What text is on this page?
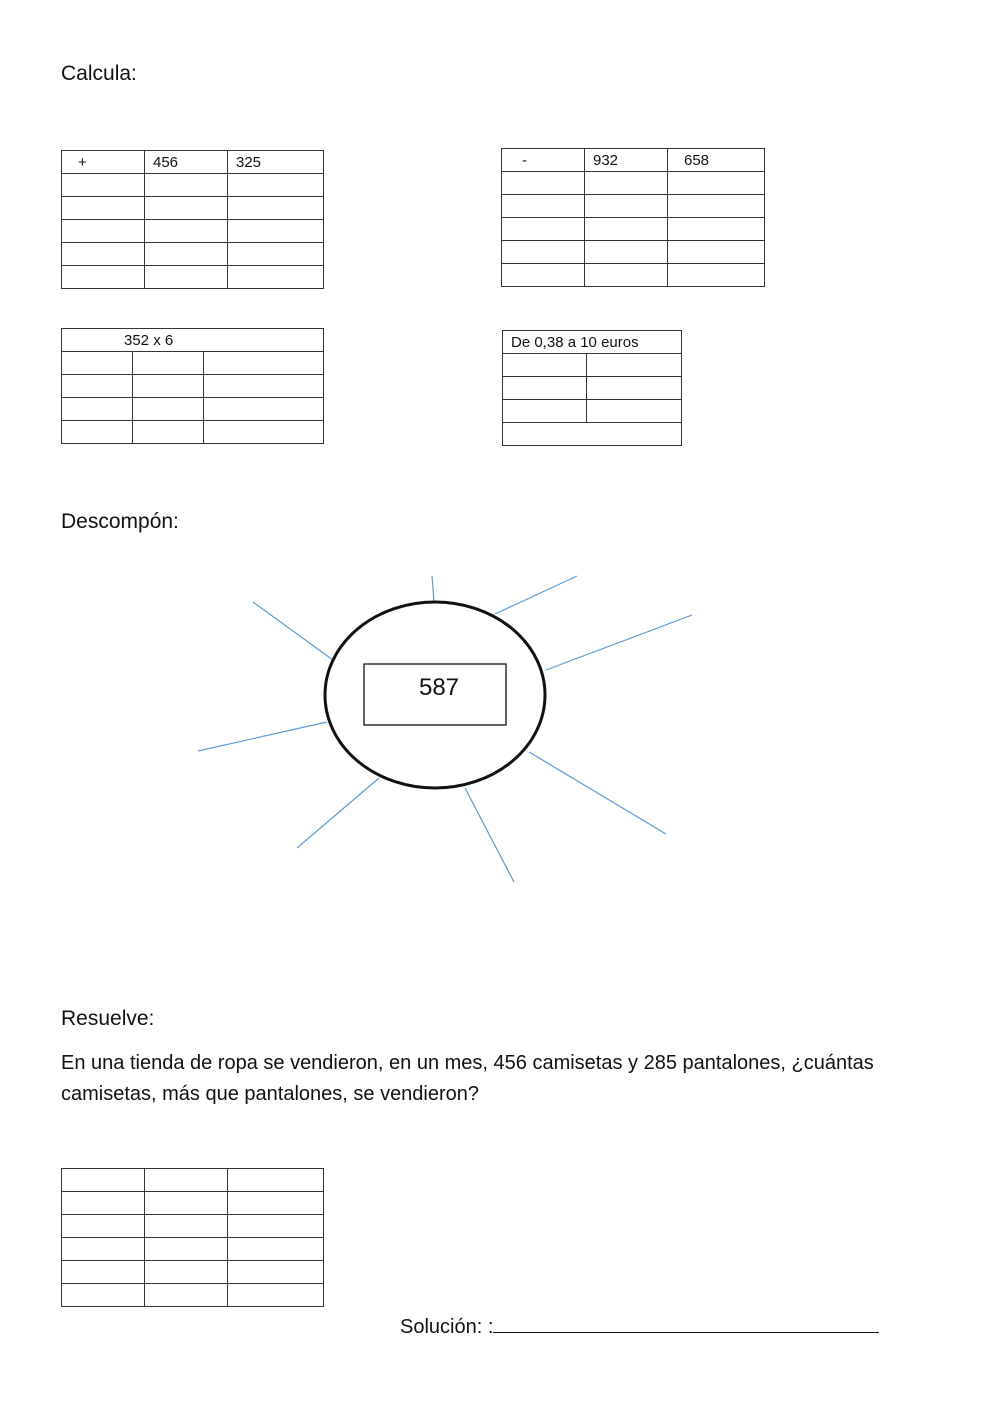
Calcula:
+	456	325

			-	932	658

352 x 6		

			De 0,38 a 10 euros	

Descompón:
587
Resuelve:
En una tienda de ropa se vendieron, en un mes, 456 camisetas y 285 pantalones, ¿cuántas camisetas, más que pantalones, se vendieron?

Solución: :
